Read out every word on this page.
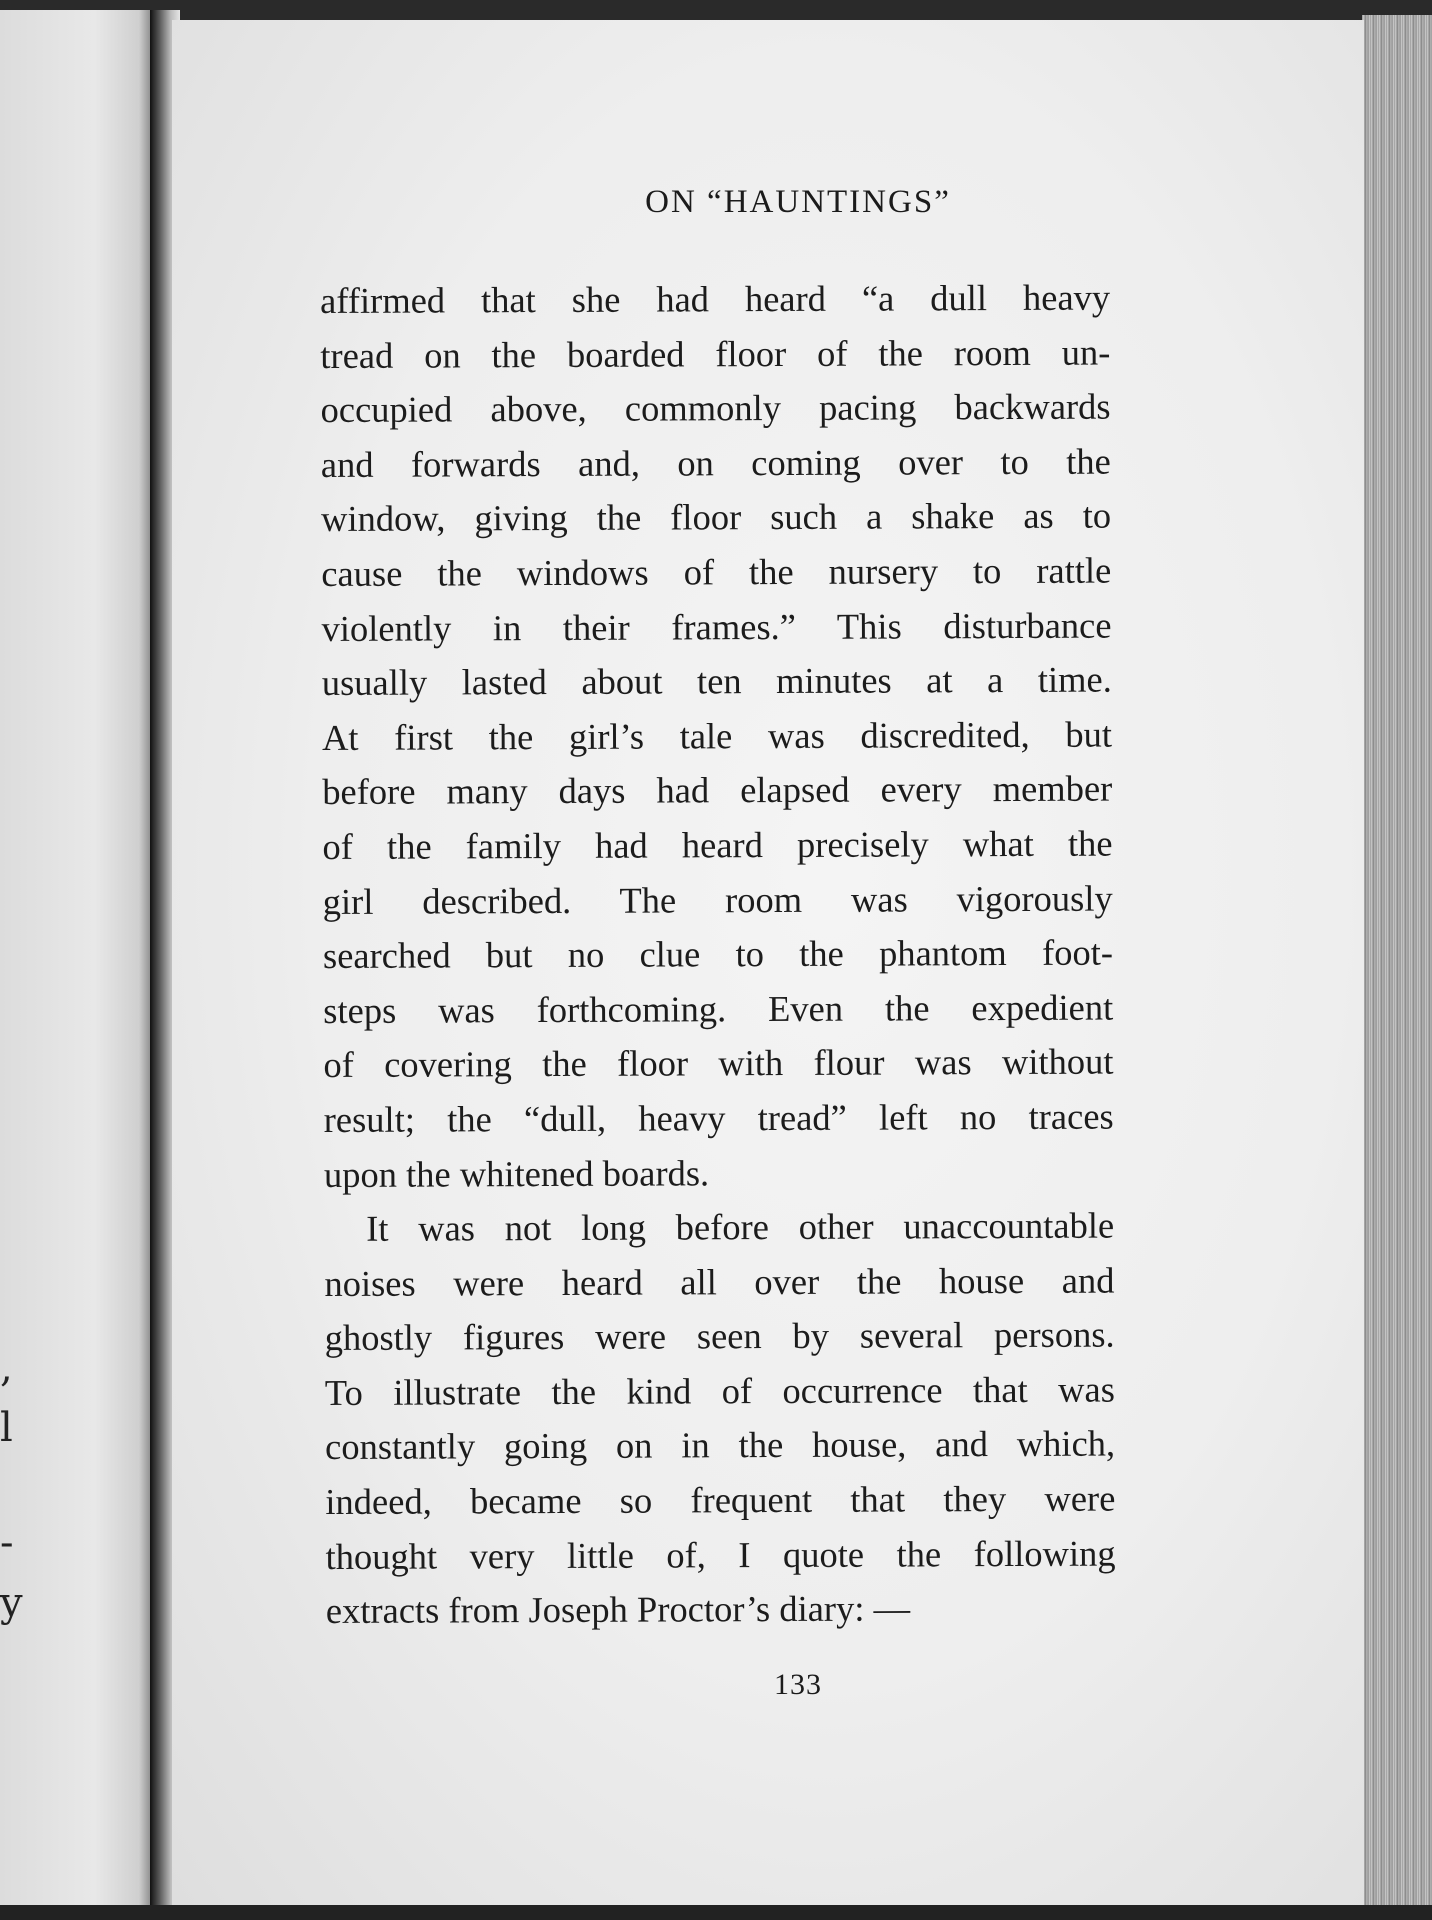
,
l
-
y
ON “HAUNTINGS”
affirmed that she had heard “a dull heavy
tread on the boarded floor of the room un-
occupied above, commonly pacing backwards
and forwards and, on coming over to the
window, giving the floor such a shake as to
cause the windows of the nursery to rattle
violently in their frames.” This disturbance
usually lasted about ten minutes at a time.
At first the girl’s tale was discredited, but
before many days had elapsed every member
of the family had heard precisely what the
girl described. The room was vigorously
searched but no clue to the phantom foot-
steps was forthcoming. Even the expedient
of covering the floor with flour was without
result; the “dull, heavy tread” left no traces
upon the whitened boards.
It was not long before other unaccountable
noises were heard all over the house and
ghostly figures were seen by several persons.
To illustrate the kind of occurrence that was
constantly going on in the house, and which,
indeed, became so frequent that they were
thought very little of, I quote the following
extracts from Joseph Proctor’s diary: —
133
